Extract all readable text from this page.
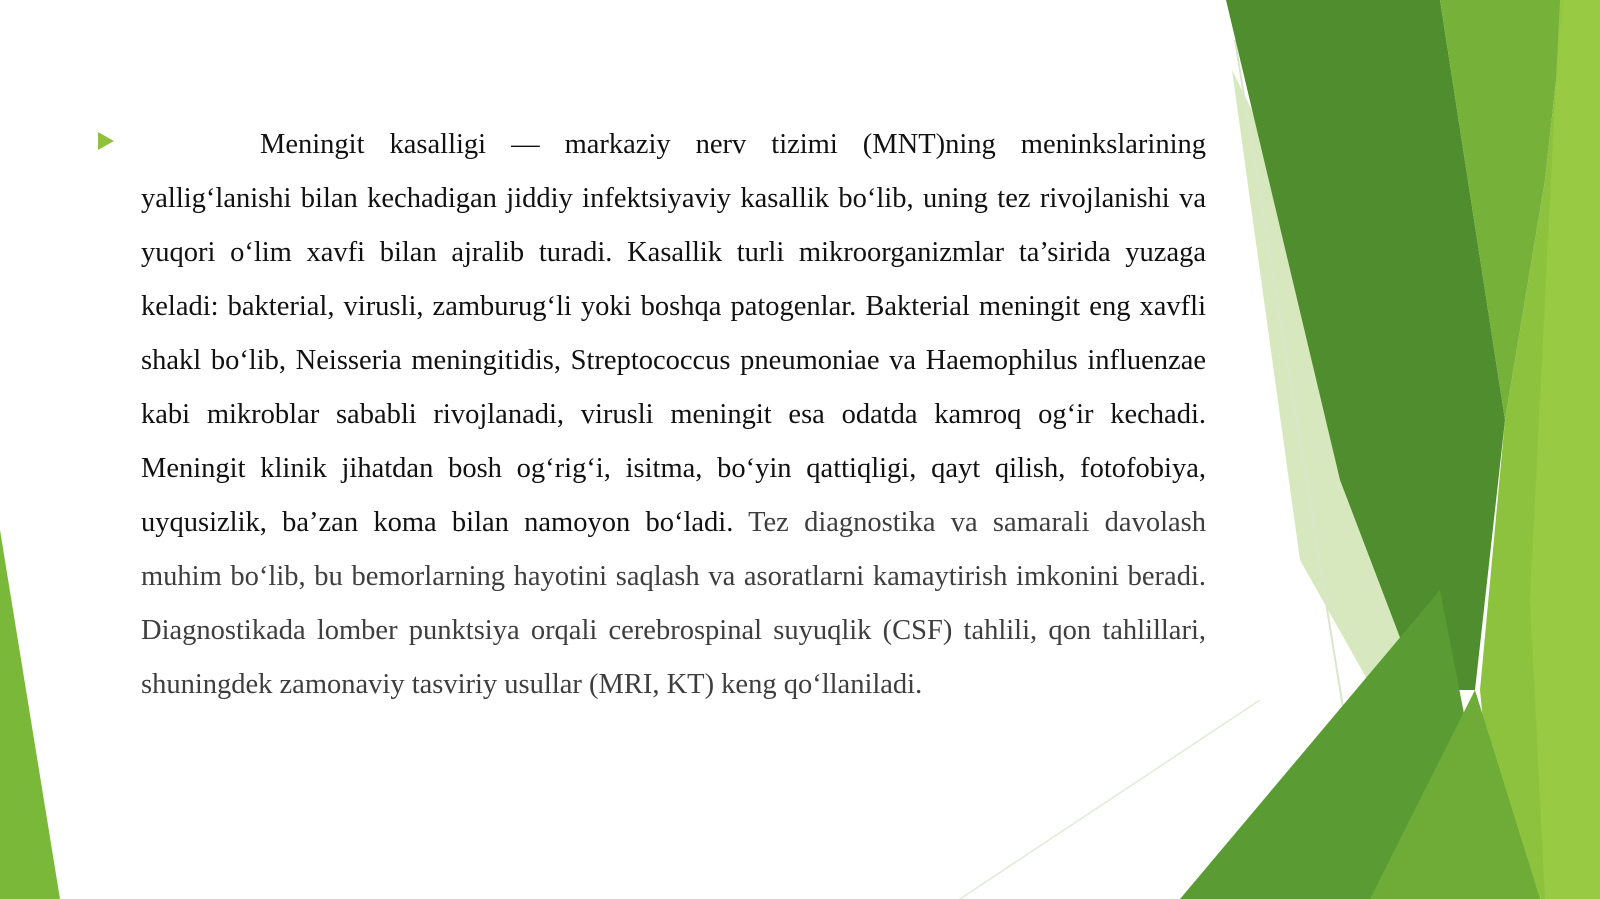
Meningit kasalligi — markaziy nerv tizimi (MNT)ning meninkslarining yallig‘lanishi bilan kechadigan jiddiy infektsiyaviy kasallik bo‘lib, uning tez rivojlanishi va yuqori o‘lim xavfi bilan ajralib turadi. Kasallik turli mikroorganizmlar ta’sirida yuzaga keladi: bakterial, virusli, zamburug‘li yoki boshqa patogenlar. Bakterial meningit eng xavfli shakl bo‘lib, Neisseria meningitidis, Streptococcus pneumoniae va Haemophilus influenzae kabi mikroblar sababli rivojlanadi, virusli meningit esa odatda kamroq og‘ir kechadi. Meningit klinik jihatdan bosh og‘rig‘i, isitma, bo‘yin qattiqligi, qayt qilish, fotofobiya, uyqusizlik, ba’zan koma bilan namoyon bo‘ladi. Tez diagnostika va samarali davolash muhim bo‘lib, bu bemorlarning hayotini saqlash va asoratlarni kamaytirish imkonini beradi. Diagnostikada lomber punktsiya orqali cerebrospinal suyuqlik (CSF) tahlili, qon tahlillari, shuningdek zamonaviy tasviriy usullar (MRI, KT) keng qo‘llaniladi.
